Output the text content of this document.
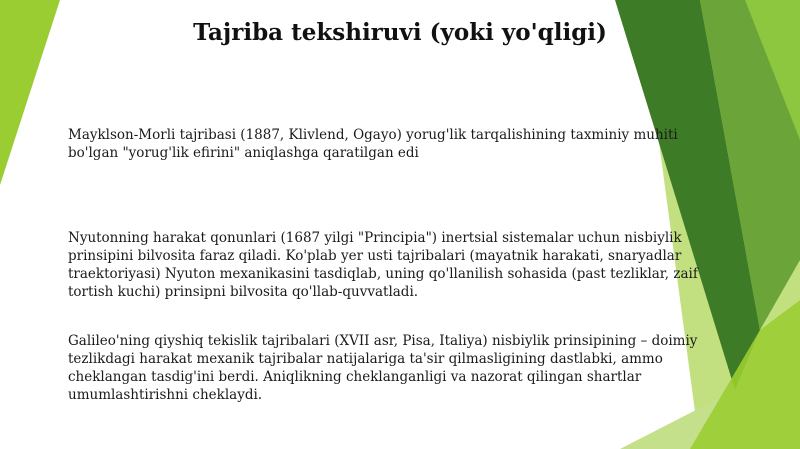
Tajriba tekshiruvi (yoki yo'qligi)

Mayklson-Morli tajribasi (1887, Klivlend, Ogayo) yorug'lik tarqalishining taxminiy muhiti
bo'lgan "yorug'lik efirini" aniqlashga qaratilgan edi

Nyutonning harakat qonunlari (1687 yilgi "Principia") inertsial sistemalar uchun nisbiylik
prinsipini bilvosita faraz qiladi. Ko'plab yer usti tajribalari (mayatnik harakati, snaryadlar
traektoriyasi) Nyuton mexanikasini tasdiqlab, uning qo'llanilish sohasida (past tezliklar, zaif
tortish kuchi) prinsipni bilvosita qo'llab-quvvatladi.

Galileo'ning qiyshiq tekislik tajribalari (XVII asr, Pisa, Italiya) nisbiylik prinsipining – doimiy
tezlikdagi harakat mexanik tajribalar natijalariga ta'sir qilmasligining dastlabki, ammo
cheklangan tasdig'ini berdi. Aniqlikning cheklanganligi va nazorat qilingan shartlar
umumlashtirishni cheklaydi.
